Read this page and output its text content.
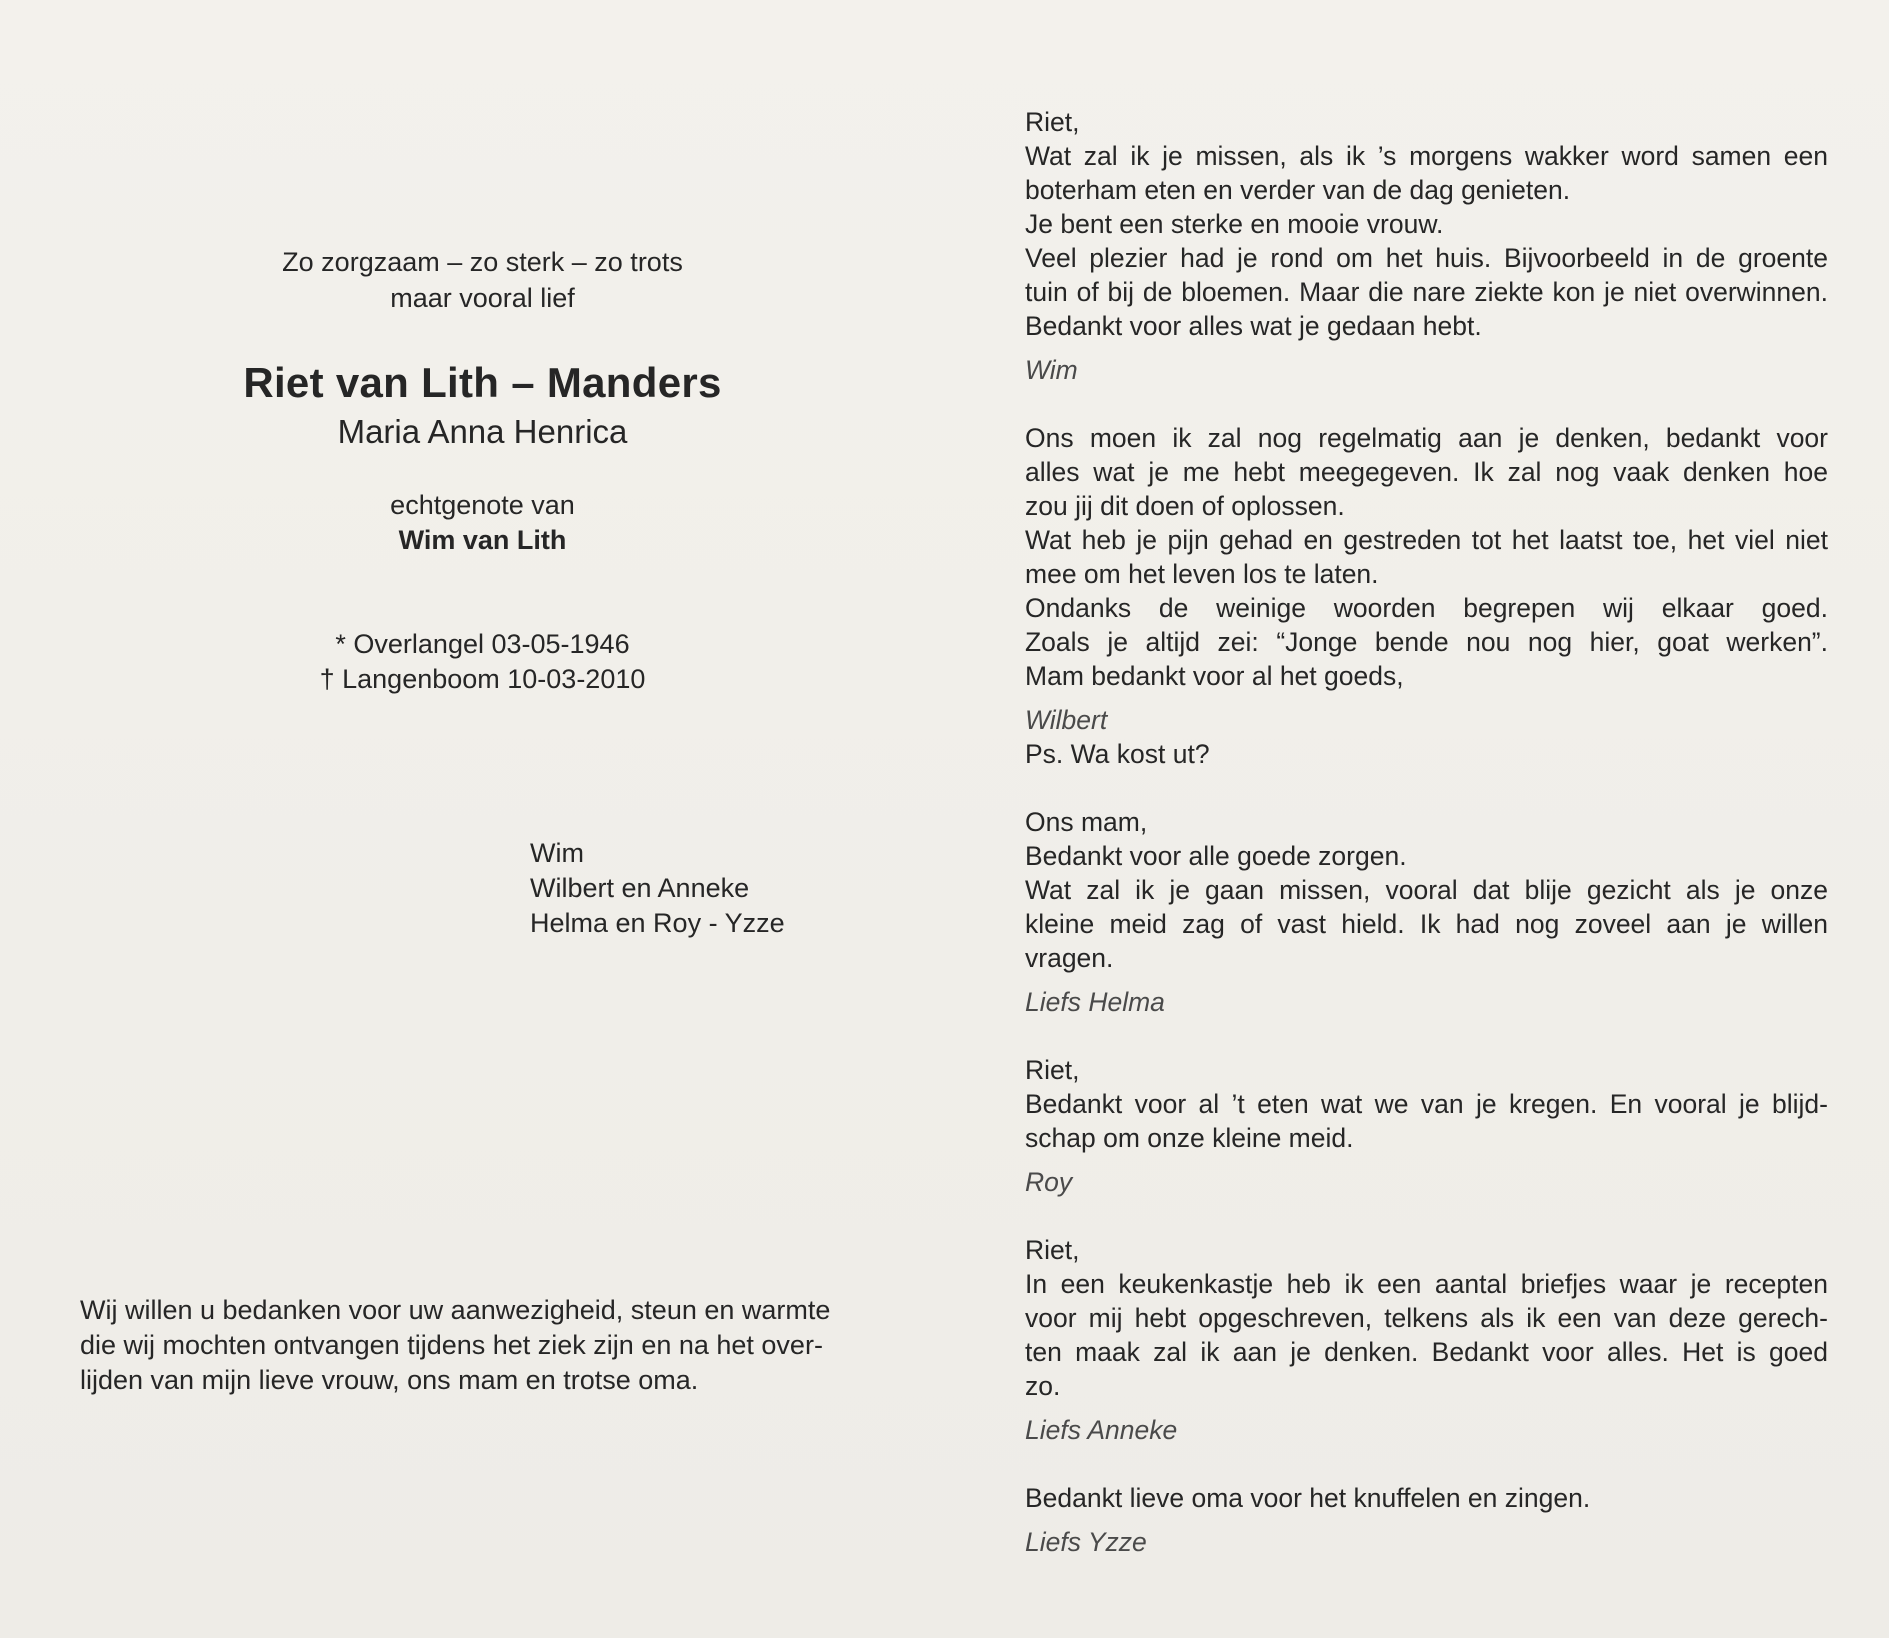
Zo zorgzaam – zo sterk – zo trots
maar vooral lief
Riet van Lith – Manders
Maria Anna Henrica
echtgenote van
Wim van Lith
* Overlangel 03-05-1946
† Langenboom 10-03-2010
Wim
Wilbert en Anneke
Helma en Roy - Yzze
Wij willen u bedanken voor uw aanwezigheid, steun en warmte
die wij mochten ontvangen tijdens het ziek zijn en na het over-
lijden van mijn lieve vrouw, ons mam en trotse oma.
Riet,
Wat zal ik je missen, als ik ’s morgens wakker word samen een
boterham eten en verder van de dag genieten.
Je bent een sterke en mooie vrouw.
Veel plezier had je rond om het huis. Bijvoorbeeld in de groente
tuin of bij de bloemen. Maar die nare ziekte kon je niet overwinnen.
Bedankt voor alles wat je gedaan hebt.
Wim
Ons moen ik zal nog regelmatig aan je denken, bedankt voor
alles wat je me hebt meegegeven. Ik zal nog vaak denken hoe
zou jij dit doen of oplossen.
Wat heb je pijn gehad en gestreden tot het laatst toe, het viel niet
mee om het leven los te laten.
Ondanks de weinige woorden begrepen wij elkaar goed.
Zoals je altijd zei: “Jonge bende nou nog hier, goat werken”.
Mam bedankt voor al het goeds,
Wilbert
Ps. Wa kost ut?
Ons mam,
Bedankt voor alle goede zorgen.
Wat zal ik je gaan missen, vooral dat blije gezicht als je onze
kleine meid zag of vast hield. Ik had nog zoveel aan je willen
vragen.
Liefs Helma
Riet,
Bedankt voor al ’t eten wat we van je kregen. En vooral je blijd-
schap om onze kleine meid.
Roy
Riet,
In een keukenkastje heb ik een aantal briefjes waar je recepten
voor mij hebt opgeschreven, telkens als ik een van deze gerech-
ten maak zal ik aan je denken. Bedankt voor alles. Het is goed
zo.
Liefs Anneke
Bedankt lieve oma voor het knuffelen en zingen.
Liefs Yzze
